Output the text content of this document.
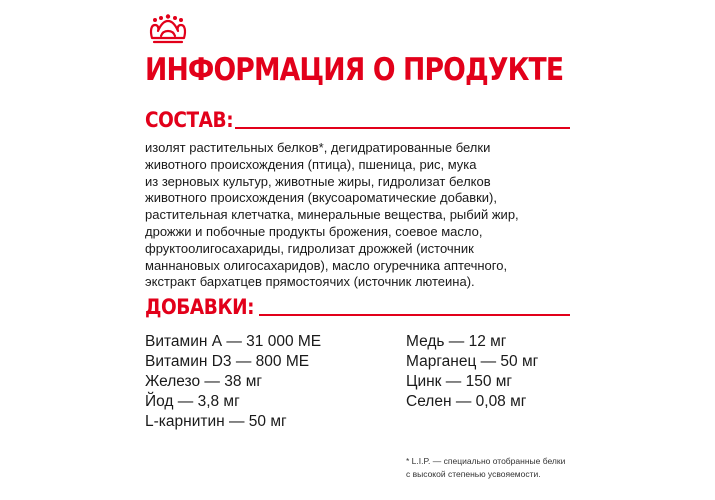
ИНФОРМАЦИЯ О ПРОДУКТЕ
СОСТАВ:

изолят растительных белков*, дегидратированные белки
животного происхождения (птица), пшеница, рис, мука
из зерновых культур, животные жиры, гидролизат белков
животного происхождения (вкусоароматические добавки),
растительная клетчатка, минеральные вещества, рыбий жир,
дрожжи и побочные продукты брожения, соевое масло,
фруктоолигосахариды, гидролизат дрожжей (источник
маннановых олигосахаридов), масло огуречника аптечного,
экстракт бархатцев прямостоячих (источник лютеина).

ДОБАВКИ:
Витамин А — 31 000 МЕ
Витамин D3 — 800 МЕ
Железо — 38 мг
Йод — 3,8 мг
L-карнитин — 50 мг
Медь — 12 мг
Марганец — 50 мг
Цинк — 150 мг
Селен — 0,08 мг

* L.I.P. — специально отобранные белки
с высокой степенью усвояемости.
